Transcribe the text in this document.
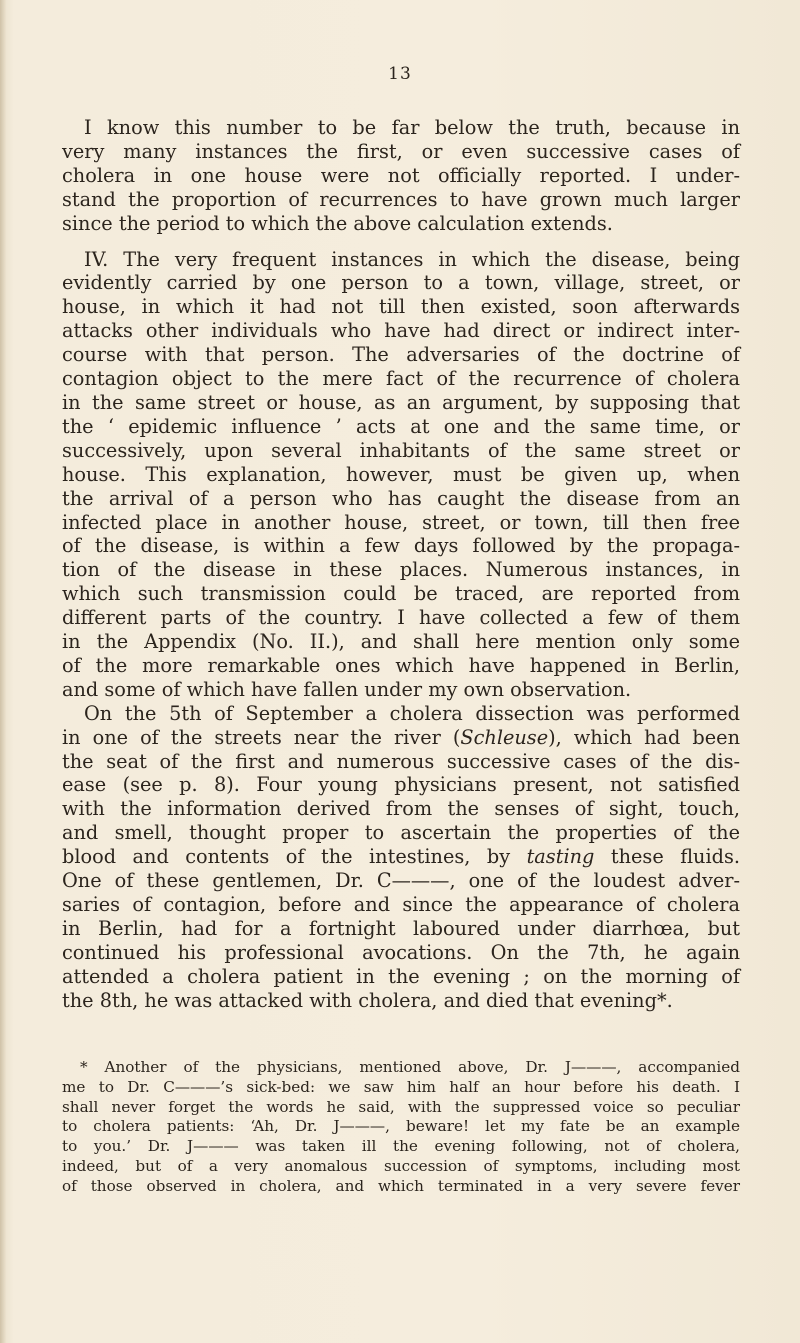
13
I know this number to be far below the truth, because in
very many instances the first, or even successive cases of
cholera in one house were not officially reported. I under-
stand the proportion of recurrences to have grown much larger
since the period to which the above calculation extends.
IV. The very frequent instances in which the disease, being
evidently carried by one person to a town, village, street, or
house, in which it had not till then existed, soon afterwards
attacks other individuals who have had direct or indirect inter-
course with that person. The adversaries of the doctrine of
contagion object to the mere fact of the recurrence of cholera
in the same street or house, as an argument, by supposing that
the ‘ epidemic influence ’ acts at one and the same time, or
successively, upon several inhabitants of the same street or
house. This explanation, however, must be given up, when
the arrival of a person who has caught the disease from an
infected place in another house, street, or town, till then free
of the disease, is within a few days followed by the propaga-
tion of the disease in these places. Numerous instances, in
which such transmission could be traced, are reported from
different parts of the country. I have collected a few of them
in the Appendix (No. II.), and shall here mention only some
of the more remarkable ones which have happened in Berlin,
and some of which have fallen under my own observation.
On the 5th of September a cholera dissection was performed
in one of the streets near the river (Schleuse), which had been
the seat of the first and numerous successive cases of the dis-
ease (see p. 8). Four young physicians present, not satisfied
with the information derived from the senses of sight, touch,
and smell, thought proper to ascertain the properties of the
blood and contents of the intestines, by tasting these fluids.
One of these gentlemen, Dr. C———, one of the loudest adver-
saries of contagion, before and since the appearance of cholera
in Berlin, had for a fortnight laboured under diarrhœa, but
continued his professional avocations. On the 7th, he again
attended a cholera patient in the evening ; on the morning of
the 8th, he was attacked with cholera, and died that evening*.
* Another of the physicians, mentioned above, Dr. J———, accompanied
me to Dr. C———’s sick-bed: we saw him half an hour before his death. I
shall never forget the words he said, with the suppressed voice so peculiar
to cholera patients: ‘Ah, Dr. J———, beware! let my fate be an example
to you.’ Dr. J——— was taken ill the evening following, not of cholera,
indeed, but of a very anomalous succession of symptoms, including most
of those observed in cholera, and which terminated in a very severe fever
